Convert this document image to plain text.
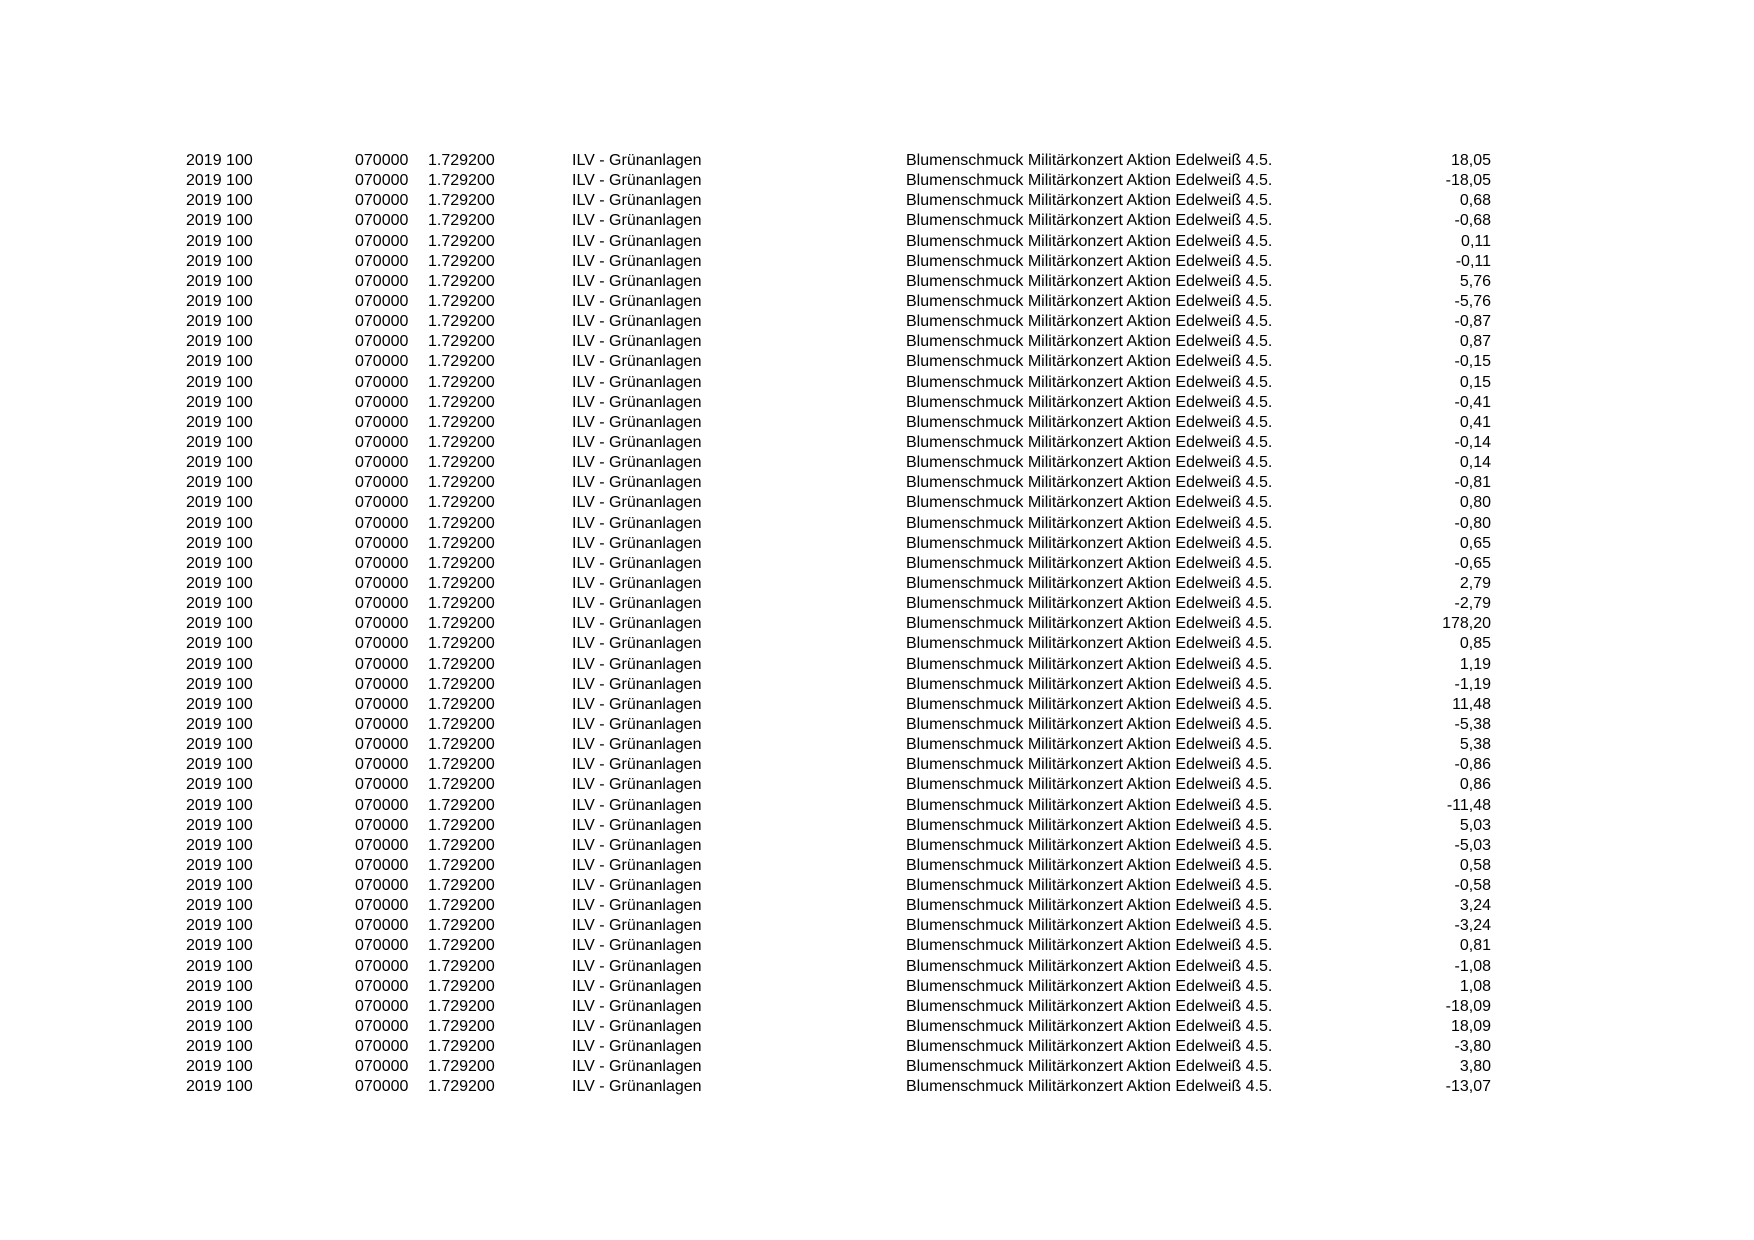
2019 100	070000 1.729200	ILV - Grünanlagen	Blumenschmuck Militärkonzert Aktion Edelweiß 4.5.	18,05
2019 100	070000 1.729200	ILV - Grünanlagen	Blumenschmuck Militärkonzert Aktion Edelweiß 4.5.	-18,05
2019 100	070000 1.729200	ILV - Grünanlagen	Blumenschmuck Militärkonzert Aktion Edelweiß 4.5.	0,68
2019 100	070000 1.729200	ILV - Grünanlagen	Blumenschmuck Militärkonzert Aktion Edelweiß 4.5.	-0,68
2019 100	070000 1.729200	ILV - Grünanlagen	Blumenschmuck Militärkonzert Aktion Edelweiß 4.5.	0,11
2019 100	070000 1.729200	ILV - Grünanlagen	Blumenschmuck Militärkonzert Aktion Edelweiß 4.5.	-0,11
2019 100	070000 1.729200	ILV - Grünanlagen	Blumenschmuck Militärkonzert Aktion Edelweiß 4.5.	5,76
2019 100	070000 1.729200	ILV - Grünanlagen	Blumenschmuck Militärkonzert Aktion Edelweiß 4.5.	-5,76
2019 100	070000 1.729200	ILV - Grünanlagen	Blumenschmuck Militärkonzert Aktion Edelweiß 4.5.	-0,87
2019 100	070000 1.729200	ILV - Grünanlagen	Blumenschmuck Militärkonzert Aktion Edelweiß 4.5.	0,87
2019 100	070000 1.729200	ILV - Grünanlagen	Blumenschmuck Militärkonzert Aktion Edelweiß 4.5.	-0,15
2019 100	070000 1.729200	ILV - Grünanlagen	Blumenschmuck Militärkonzert Aktion Edelweiß 4.5.	0,15
2019 100	070000 1.729200	ILV - Grünanlagen	Blumenschmuck Militärkonzert Aktion Edelweiß 4.5.	-0,41
2019 100	070000 1.729200	ILV - Grünanlagen	Blumenschmuck Militärkonzert Aktion Edelweiß 4.5.	0,41
2019 100	070000 1.729200	ILV - Grünanlagen	Blumenschmuck Militärkonzert Aktion Edelweiß 4.5.	-0,14
2019 100	070000 1.729200	ILV - Grünanlagen	Blumenschmuck Militärkonzert Aktion Edelweiß 4.5.	0,14
2019 100	070000 1.729200	ILV - Grünanlagen	Blumenschmuck Militärkonzert Aktion Edelweiß 4.5.	-0,81
2019 100	070000 1.729200	ILV - Grünanlagen	Blumenschmuck Militärkonzert Aktion Edelweiß 4.5.	0,80
2019 100	070000 1.729200	ILV - Grünanlagen	Blumenschmuck Militärkonzert Aktion Edelweiß 4.5.	-0,80
2019 100	070000 1.729200	ILV - Grünanlagen	Blumenschmuck Militärkonzert Aktion Edelweiß 4.5.	0,65
2019 100	070000 1.729200	ILV - Grünanlagen	Blumenschmuck Militärkonzert Aktion Edelweiß 4.5.	-0,65
2019 100	070000 1.729200	ILV - Grünanlagen	Blumenschmuck Militärkonzert Aktion Edelweiß 4.5.	2,79
2019 100	070000 1.729200	ILV - Grünanlagen	Blumenschmuck Militärkonzert Aktion Edelweiß 4.5.	-2,79
2019 100	070000 1.729200	ILV - Grünanlagen	Blumenschmuck Militärkonzert Aktion Edelweiß 4.5.	178,20
2019 100	070000 1.729200	ILV - Grünanlagen	Blumenschmuck Militärkonzert Aktion Edelweiß 4.5.	0,85
2019 100	070000 1.729200	ILV - Grünanlagen	Blumenschmuck Militärkonzert Aktion Edelweiß 4.5.	1,19
2019 100	070000 1.729200	ILV - Grünanlagen	Blumenschmuck Militärkonzert Aktion Edelweiß 4.5.	-1,19
2019 100	070000 1.729200	ILV - Grünanlagen	Blumenschmuck Militärkonzert Aktion Edelweiß 4.5.	11,48
2019 100	070000 1.729200	ILV - Grünanlagen	Blumenschmuck Militärkonzert Aktion Edelweiß 4.5.	-5,38
2019 100	070000 1.729200	ILV - Grünanlagen	Blumenschmuck Militärkonzert Aktion Edelweiß 4.5.	5,38
2019 100	070000 1.729200	ILV - Grünanlagen	Blumenschmuck Militärkonzert Aktion Edelweiß 4.5.	-0,86
2019 100	070000 1.729200	ILV - Grünanlagen	Blumenschmuck Militärkonzert Aktion Edelweiß 4.5.	0,86
2019 100	070000 1.729200	ILV - Grünanlagen	Blumenschmuck Militärkonzert Aktion Edelweiß 4.5.	-11,48
2019 100	070000 1.729200	ILV - Grünanlagen	Blumenschmuck Militärkonzert Aktion Edelweiß 4.5.	5,03
2019 100	070000 1.729200	ILV - Grünanlagen	Blumenschmuck Militärkonzert Aktion Edelweiß 4.5.	-5,03
2019 100	070000 1.729200	ILV - Grünanlagen	Blumenschmuck Militärkonzert Aktion Edelweiß 4.5.	0,58
2019 100	070000 1.729200	ILV - Grünanlagen	Blumenschmuck Militärkonzert Aktion Edelweiß 4.5.	-0,58
2019 100	070000 1.729200	ILV - Grünanlagen	Blumenschmuck Militärkonzert Aktion Edelweiß 4.5.	3,24
2019 100	070000 1.729200	ILV - Grünanlagen	Blumenschmuck Militärkonzert Aktion Edelweiß 4.5.	-3,24
2019 100	070000 1.729200	ILV - Grünanlagen	Blumenschmuck Militärkonzert Aktion Edelweiß 4.5.	0,81
2019 100	070000 1.729200	ILV - Grünanlagen	Blumenschmuck Militärkonzert Aktion Edelweiß 4.5.	-1,08
2019 100	070000 1.729200	ILV - Grünanlagen	Blumenschmuck Militärkonzert Aktion Edelweiß 4.5.	1,08
2019 100	070000 1.729200	ILV - Grünanlagen	Blumenschmuck Militärkonzert Aktion Edelweiß 4.5.	-18,09
2019 100	070000 1.729200	ILV - Grünanlagen	Blumenschmuck Militärkonzert Aktion Edelweiß 4.5.	18,09
2019 100	070000 1.729200	ILV - Grünanlagen	Blumenschmuck Militärkonzert Aktion Edelweiß 4.5.	-3,80
2019 100	070000 1.729200	ILV - Grünanlagen	Blumenschmuck Militärkonzert Aktion Edelweiß 4.5.	3,80
2019 100	070000 1.729200	ILV - Grünanlagen	Blumenschmuck Militärkonzert Aktion Edelweiß 4.5.	-13,07
